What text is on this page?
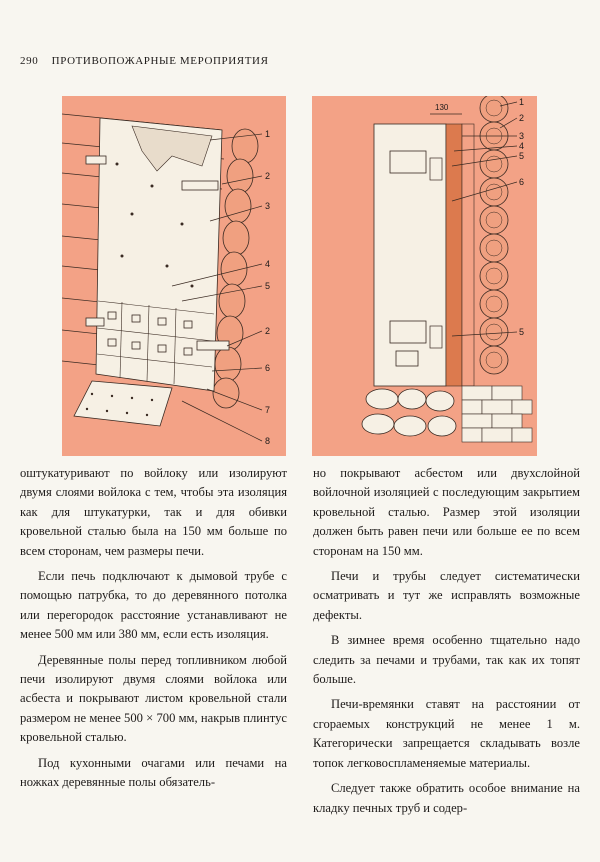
290 ПРОТИВОПОЖАРНЫЕ МЕРОПРИЯТИЯ
1
2
3
4
5
2
6
7
8
130
1
2
3
4
5
6
5

оштукатуривают по войлоку или изолируют двумя слоями войлока с тем, чтобы эта изоляция как для штукатурки, так и для обивки кровельной сталью была на 150 мм больше по всем сторонам, чем размеры печи.

Если печь подключают к дымовой трубе с помощью патрубка, то до деревянного потолка или перегородок расстояние устанавливают не менее 500 мм или 380 мм, если есть изоляция.

Деревянные полы перед топливником любой печи изолируют двумя слоями войлока или асбеста и покрывают листом кровельной стали размером не менее 500 × 700 мм, накрыв плинтус кровельной сталью.

Под кухонными очагами или печами на ножках деревянные полы обязатель-

но покрывают асбестом или двухслойной войлочной изоляцией с последующим закрытием кровельной сталью. Размер этой изоляции должен быть равен печи или больше ее по всем сторонам на 150 мм.

Печи и трубы следует систематически осматривать и тут же исправлять возможные дефекты.

В зимнее время особенно тщательно надо следить за печами и трубами, так как их топят больше.

Печи-времянки ставят на расстоянии от сгораемых конструкций не менее 1 м. Категорически запрещается складывать возле топок легковоспламеняемые материалы.

Следует также обратить особое внимание на кладку печных труб и содер-
